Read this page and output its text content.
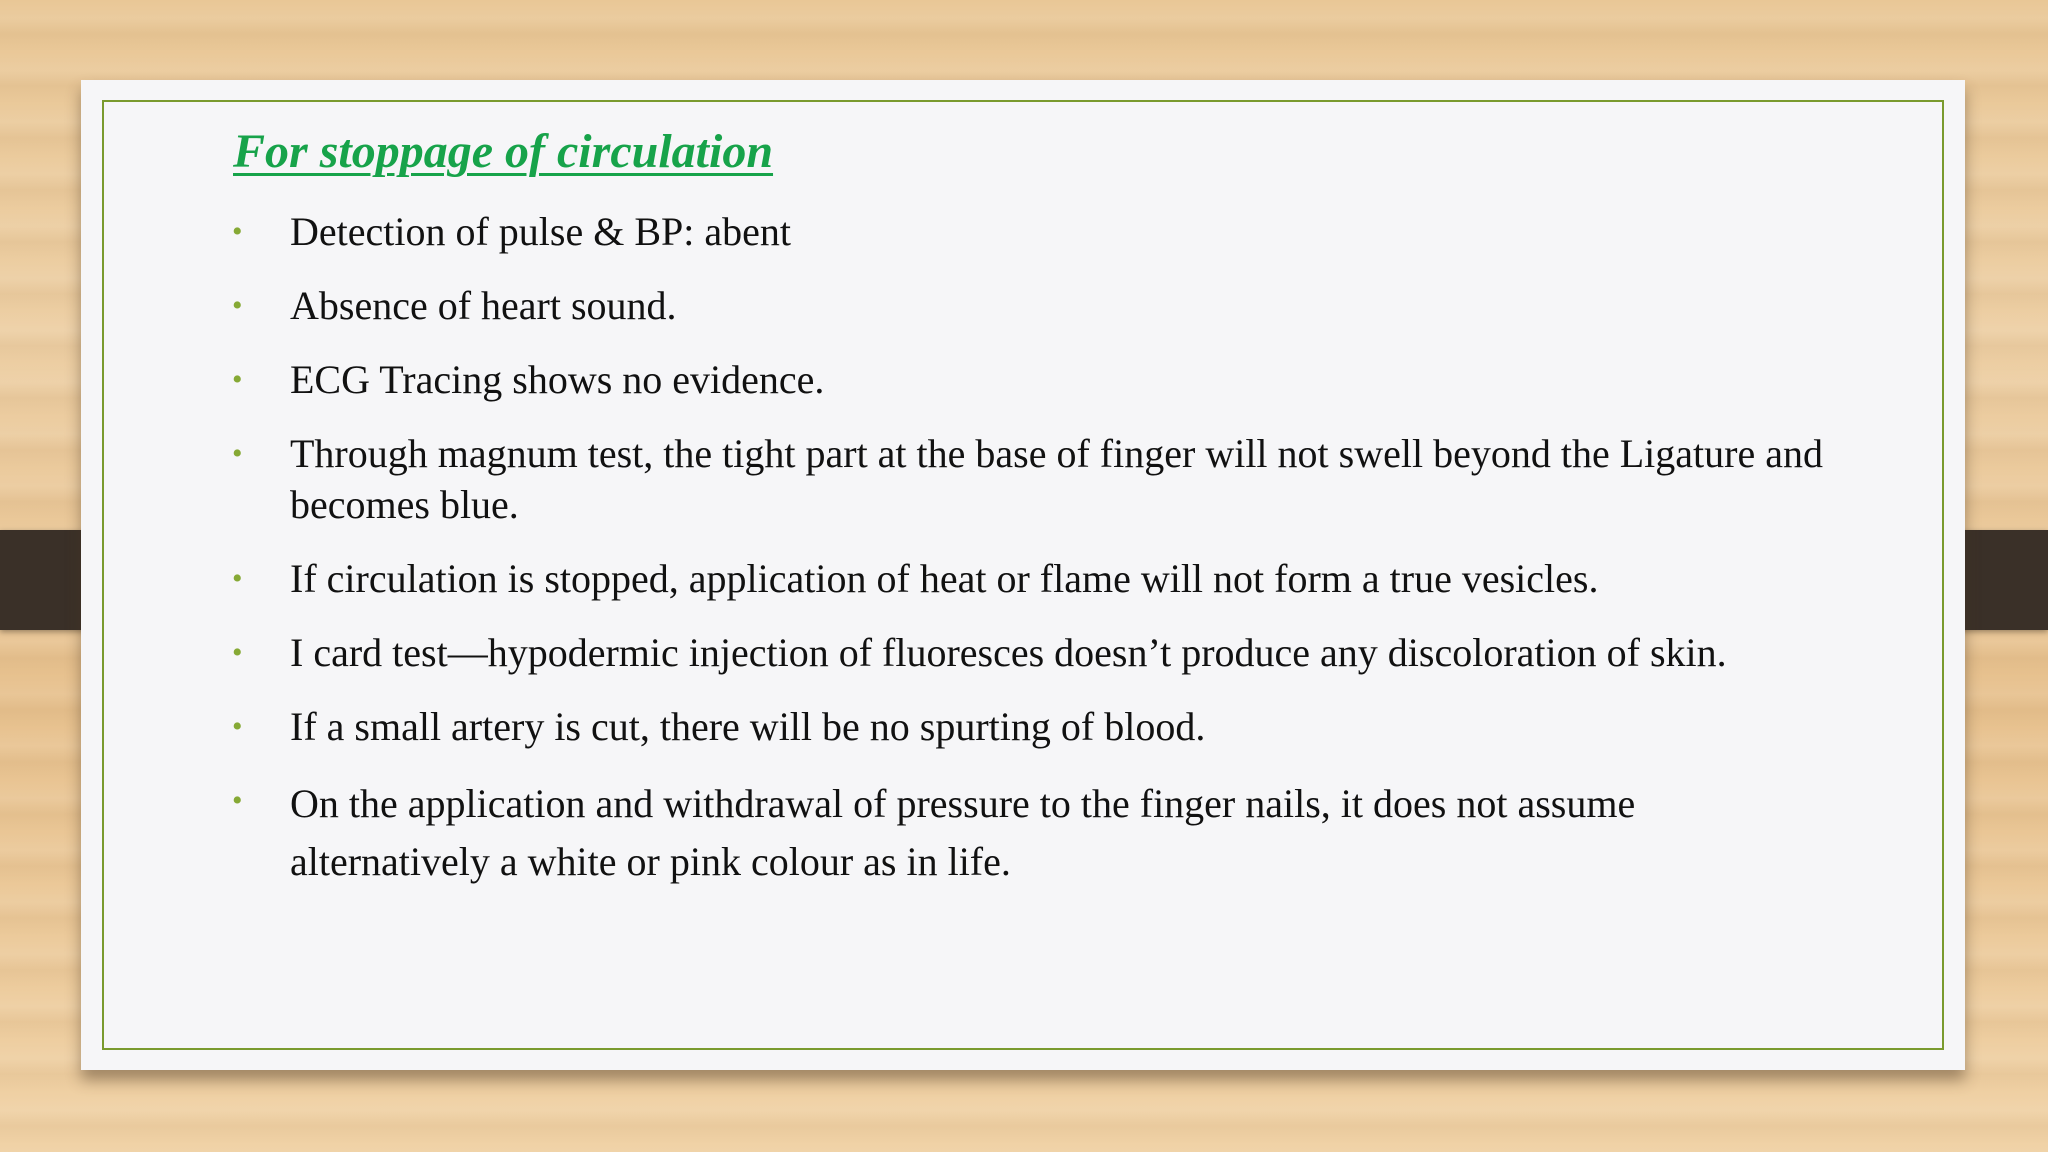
For stoppage of circulation
• Detection of pulse & BP: abent
• Absence of heart sound.
• ECG Tracing shows no evidence.
• Through magnum test, the tight part at the base of finger will not swell beyond the Ligature and becomes blue.
• If circulation is stopped, application of heat or flame will not form a true vesicles.
• I card test—hypodermic injection of fluoresces doesn’t produce any discoloration of skin.
• If a small artery is cut, there will be no spurting of blood.
• On the application and withdrawal of pressure to the finger nails, it does not assume alternatively a white or pink colour as in life.
